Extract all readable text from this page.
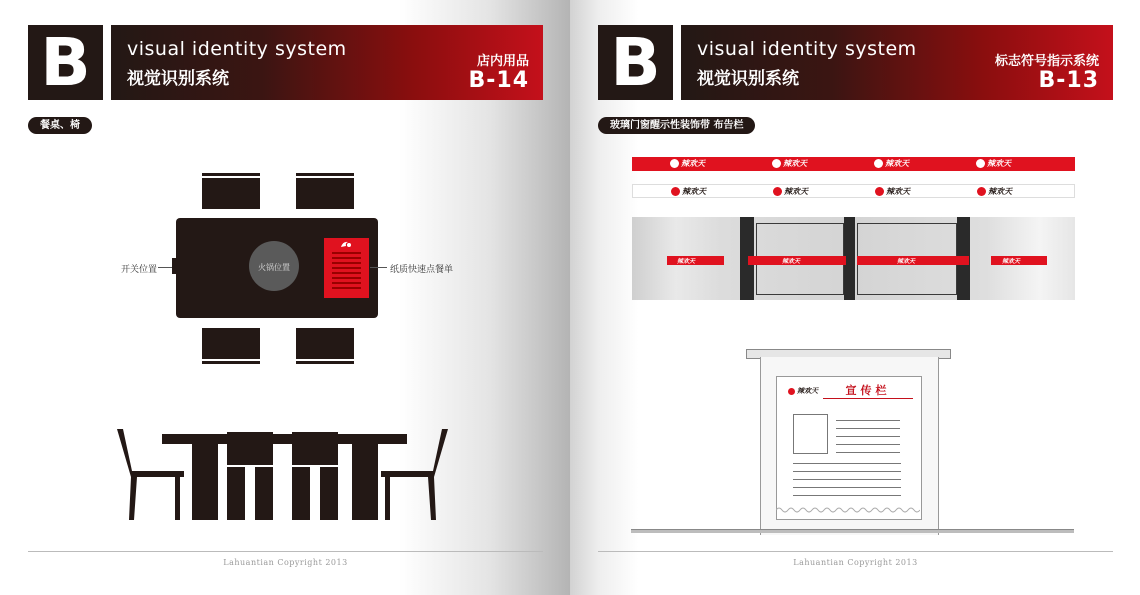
B	visual identity system
视觉识别系统
店内用品
B-14
餐桌、椅
火锅位置
开关位置	纸质快速点餐单
Lahuantian Copyright 2013
B	visual identity system
视觉识别系统
标志符号指示系统
B-13
玻璃门窗醒示性装饰带 布告栏
辣欢天	辣欢天	辣欢天	辣欢天
辣欢天	辣欢天	辣欢天	辣欢天
辣欢天	辣欢天	辣欢天	辣欢天
辣欢天	宣传栏
Lahuantian Copyright 2013
